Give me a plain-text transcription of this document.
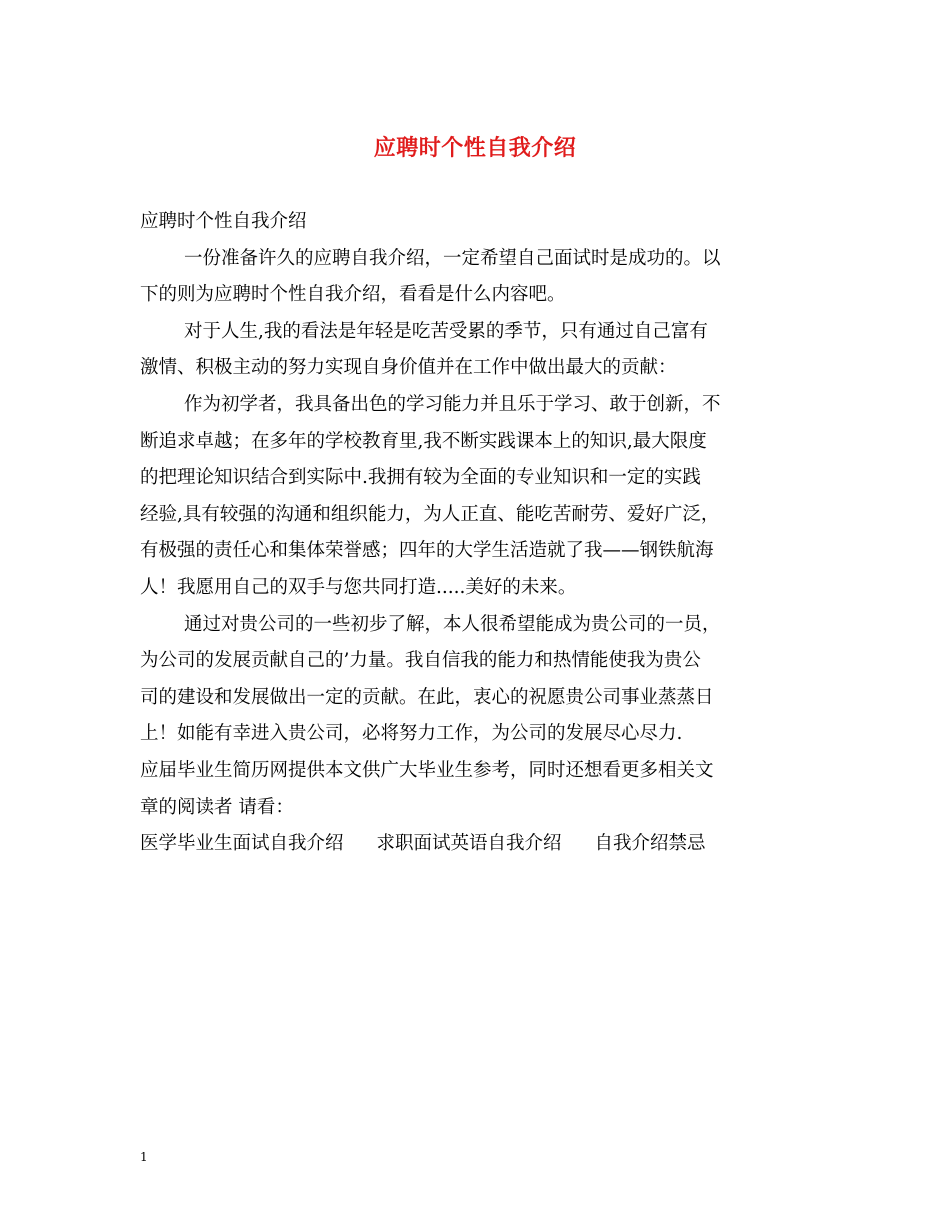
应聘时个性自我介绍
应聘时个性自我介绍
一份准备许久的应聘自我介绍，一定希望自己面试时是成功的。以
下的则为应聘时个性自我介绍，看看是什么内容吧。
对于人生,我的看法是年轻是吃苦受累的季节，只有通过自己富有
激情、积极主动的努力实现自身价值并在工作中做出最大的贡献：
作为初学者，我具备出色的学习能力并且乐于学习、敢于创新，不
断追求卓越；在多年的学校教育里,我不断实践课本上的知识,最大限度
的把理论知识结合到实际中.我拥有较为全面的专业知识和一定的实践
经验,具有较强的沟通和组织能力，为人正直、能吃苦耐劳、爱好广泛，
有极强的责任心和集体荣誉感；四年的大学生活造就了我——钢铁航海
人！我愿用自己的双手与您共同打造.....美好的未来。
通过对贵公司的一些初步了解，本人很希望能成为贵公司的一员，
为公司的发展贡献自己的’力量。我自信我的能力和热情能使我为贵公
司的建设和发展做出一定的贡献。在此，衷心的祝愿贵公司事业蒸蒸日
上！如能有幸进入贵公司，必将努力工作，为公司的发展尽心尽力.
应届毕业生简历网提供本文供广大毕业生参考，同时还想看更多相关文
章的阅读者 请看：
医学毕业生面试自我介绍 求职面试英语自我介绍 自我介绍禁忌
1
